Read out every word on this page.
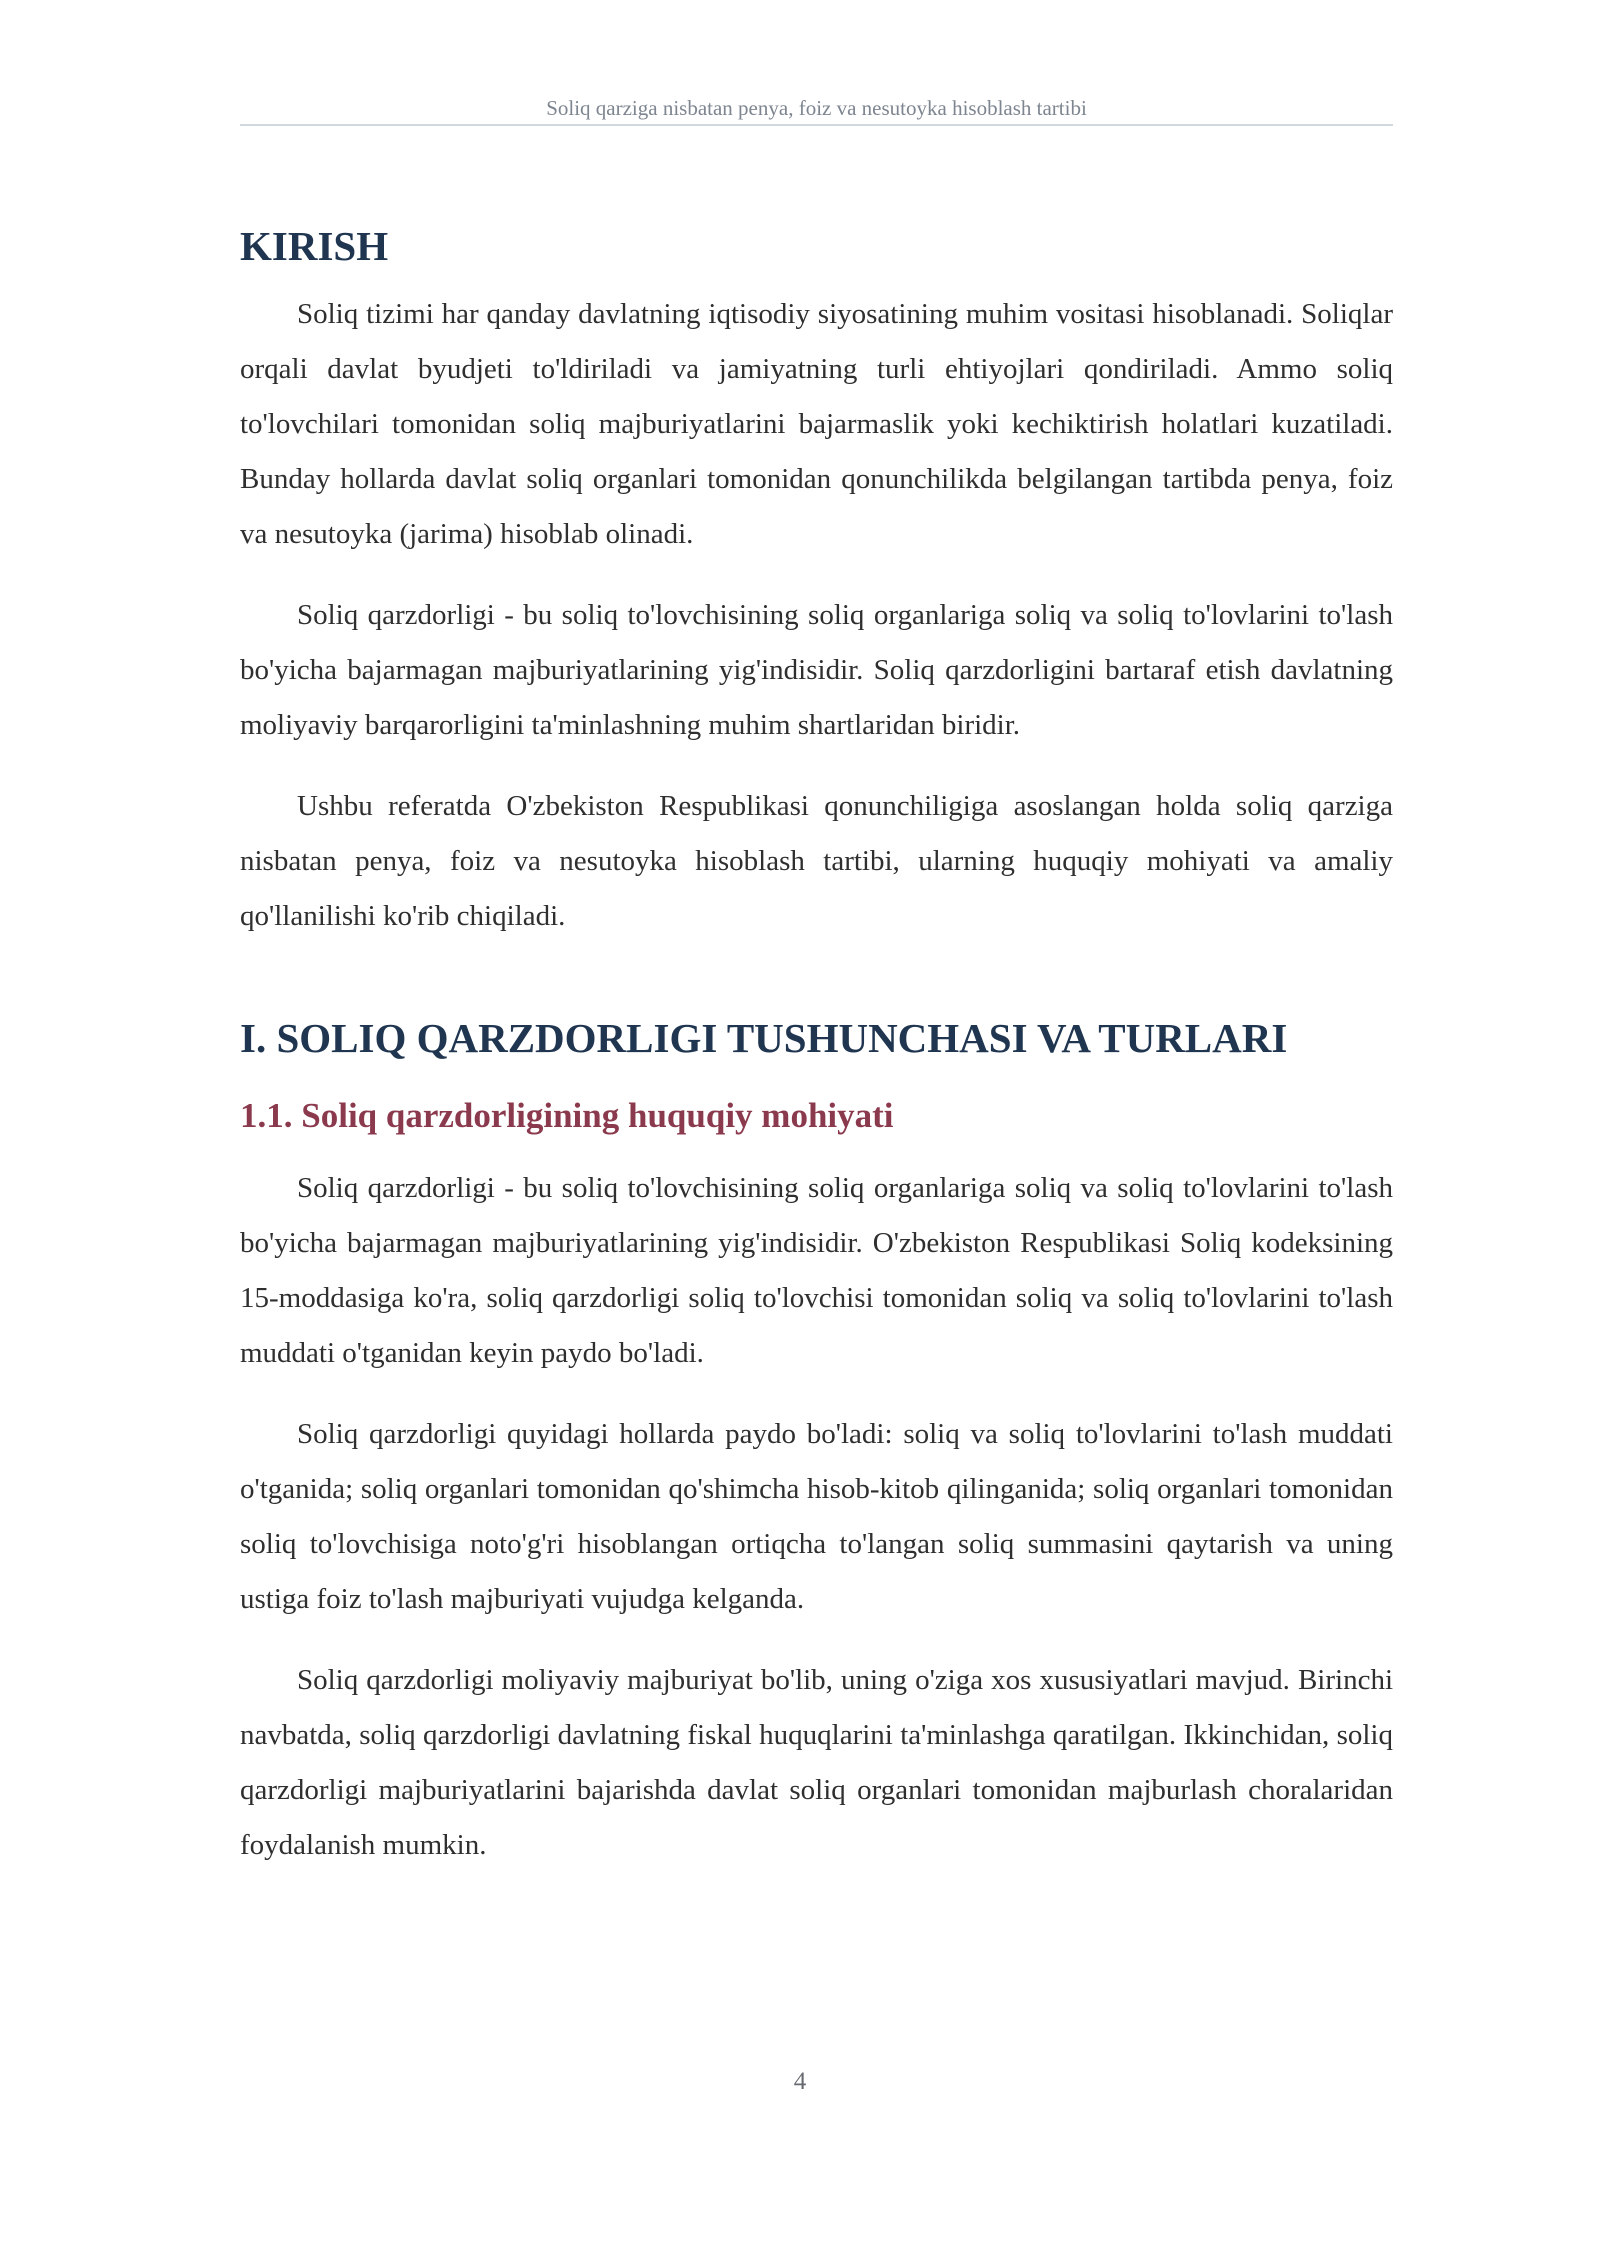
Soliq qarziga nisbatan penya, foiz va nesutoyka hisoblash tartibi
KIRISH

Soliq tizimi har qanday davlatning iqtisodiy siyosatining muhim vositasi hisoblanadi. Soliqlar orqali davlat byudjeti to'ldiriladi va jamiyatning turli ehtiyojlari qondiriladi. Ammo soliq to'lovchilari tomonidan soliq majburiyatlarini bajarmaslik yoki kechiktirish holatlari kuzatiladi. Bunday hollarda davlat soliq organlari tomonidan qonunchilikda belgilangan tartibda penya, foiz va nesutoyka (jarima) hisoblab olinadi.

Soliq qarzdorligi - bu soliq to'lovchisining soliq organlariga soliq va soliq to'lovlarini to'lash bo'yicha bajarmagan majburiyatlarining yig'indisidir. Soliq qarzdorligini bartaraf etish davlatning moliyaviy barqarorligini ta'minlashning muhim shartlaridan biridir.

Ushbu referatda O'zbekiston Respublikasi qonunchiligiga asoslangan holda soliq qarziga nisbatan penya, foiz va nesutoyka hisoblash tartibi, ularning huquqiy mohiyati va amaliy qo'llanilishi ko'rib chiqiladi.

I. SOLIQ QARZDORLIGI TUSHUNCHASI VA TURLARI
1.1. Soliq qarzdorligining huquqiy mohiyati

Soliq qarzdorligi - bu soliq to'lovchisining soliq organlariga soliq va soliq to'lovlarini to'lash bo'yicha bajarmagan majburiyatlarining yig'indisidir. O'zbekiston Respublikasi Soliq kodeksining 15-moddasiga ko'ra, soliq qarzdorligi soliq to'lovchisi tomonidan soliq va soliq to'lovlarini to'lash muddati o'tganidan keyin paydo bo'ladi.

Soliq qarzdorligi quyidagi hollarda paydo bo'ladi: soliq va soliq to'lovlarini to'lash muddati o'tganida; soliq organlari tomonidan qo'shimcha hisob-kitob qilinganida; soliq organlari tomonidan soliq to'lovchisiga noto'g'ri hisoblangan ortiqcha to'langan soliq summasini qaytarish va uning ustiga foiz to'lash majburiyati vujudga kelganda.

Soliq qarzdorligi moliyaviy majburiyat bo'lib, uning o'ziga xos xususiyatlari mavjud. Birinchi navbatda, soliq qarzdorligi davlatning fiskal huquqlarini ta'minlashga qaratilgan. Ikkinchidan, soliq qarzdorligi majburiyatlarini bajarishda davlat soliq organlari tomonidan majburlash choralaridan foydalanish mumkin.

4
